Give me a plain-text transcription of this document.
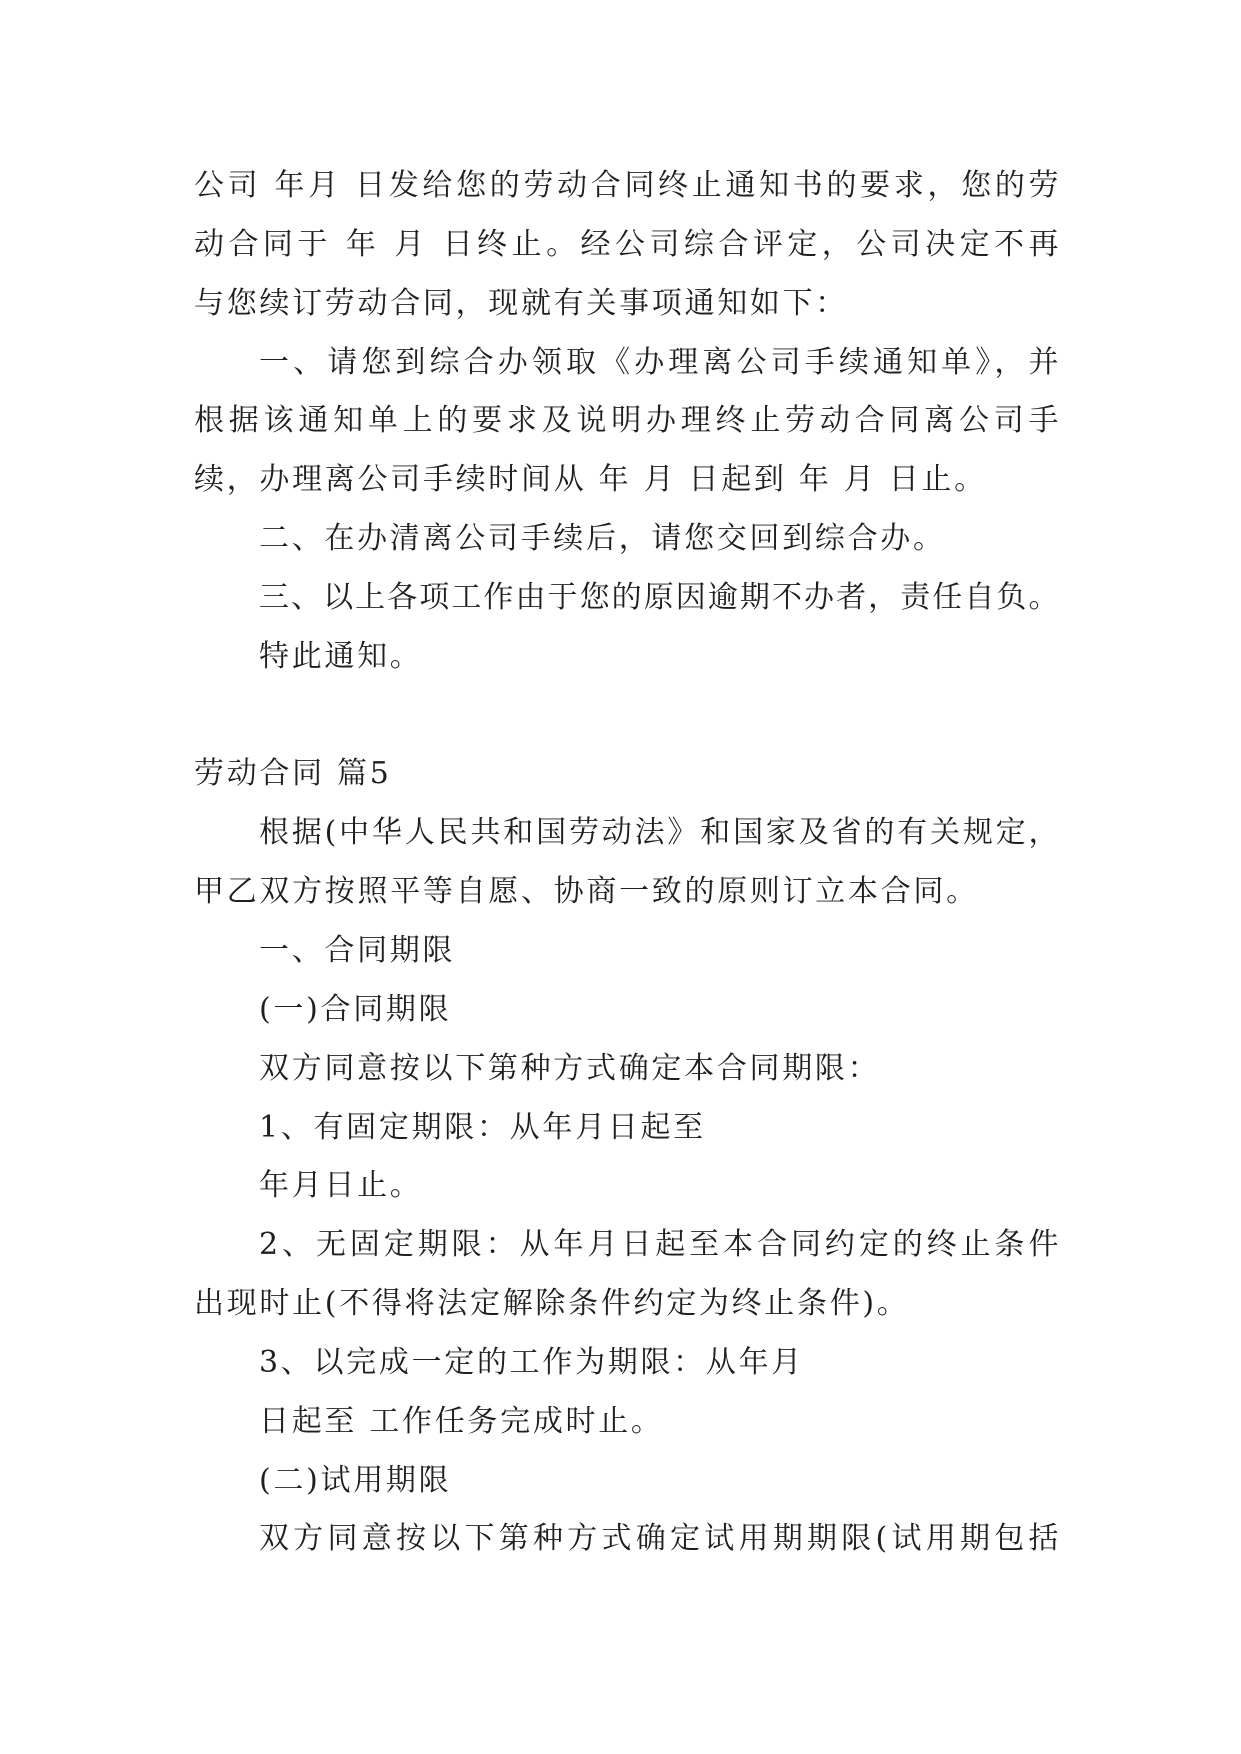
公司 年月 日发给您的劳动合同终止通知书的要求，您的劳
动合同于 年 月 日终止。经公司综合评定，公司决定不再
与您续订劳动合同，现就有关事项通知如下：
一、请您到综合办领取《办理离公司手续通知单》，并
根据该通知单上的要求及说明办理终止劳动合同离公司手
续，办理离公司手续时间从 年 月 日起到 年 月 日止。
二、在办清离公司手续后，请您交回到综合办。
三、以上各项工作由于您的原因逾期不办者，责任自负。
特此通知。
劳动合同 篇5
根据(中华人民共和国劳动法》和国家及省的有关规定，
甲乙双方按照平等自愿、协商一致的原则订立本合同。
一、合同期限
(一)合同期限
双方同意按以下第种方式确定本合同期限：
1、有固定期限：从年月日起至
年月日止。
2、无固定期限：从年月日起至本合同约定的终止条件
出现时止(不得将法定解除条件约定为终止条件)。
3、以完成一定的工作为期限：从年月
日起至 工作任务完成时止。
(二)试用期限
双方同意按以下第种方式确定试用期期限(试用期包括
